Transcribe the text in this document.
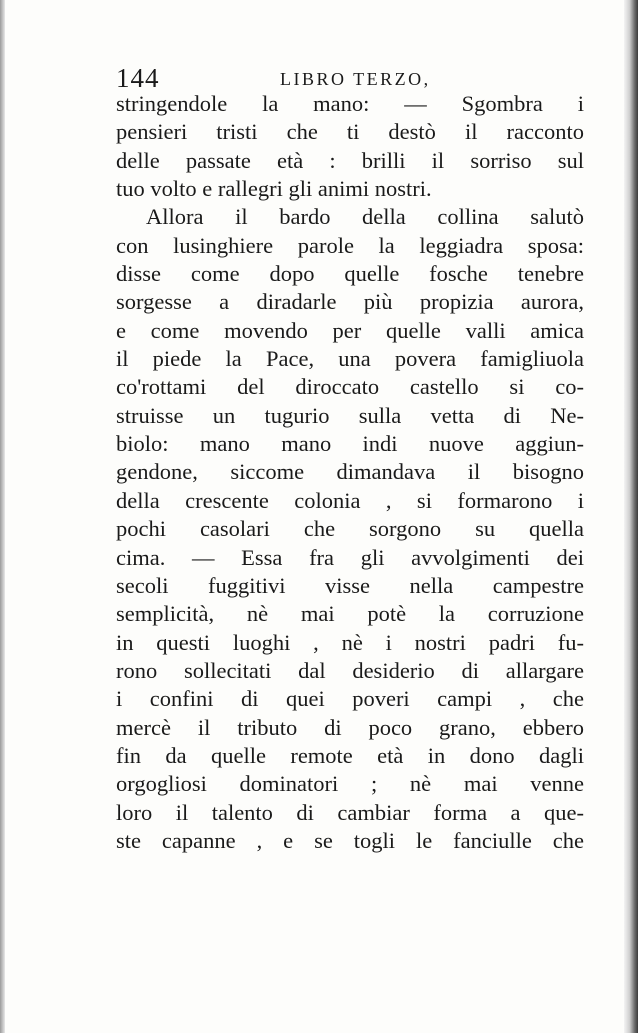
144	LIBRO TERZO,
stringendole la mano: — Sgombra i
pensieri tristi che ti destò il racconto
delle passate età : brilli il sorriso sul
tuo volto e rallegri gli animi nostri.
Allora il bardo della collina salutò
con lusinghiere parole la leggiadra sposa:
disse come dopo quelle fosche tenebre
sorgesse a diradarle più propizia aurora,
e come movendo per quelle valli amica
il piede la Pace, una povera famigliuola
co'rottami del diroccato castello si co-
struisse un tugurio sulla vetta di Ne-
biolo: mano mano indi nuove aggiun-
gendone, siccome dimandava il bisogno
della crescente colonia , si formarono i
pochi casolari che sorgono su quella
cima. — Essa fra gli avvolgimenti dei
secoli fuggitivi visse nella campestre
semplicità, nè mai potè la corruzione
in questi luoghi , nè i nostri padri fu-
rono sollecitati dal desiderio di allargare
i confini di quei poveri campi , che
mercè il tributo di poco grano, ebbero
fin da quelle remote età in dono dagli
orgogliosi dominatori ; nè mai venne
loro il talento di cambiar forma a que-
ste capanne , e se togli le fanciulle che
